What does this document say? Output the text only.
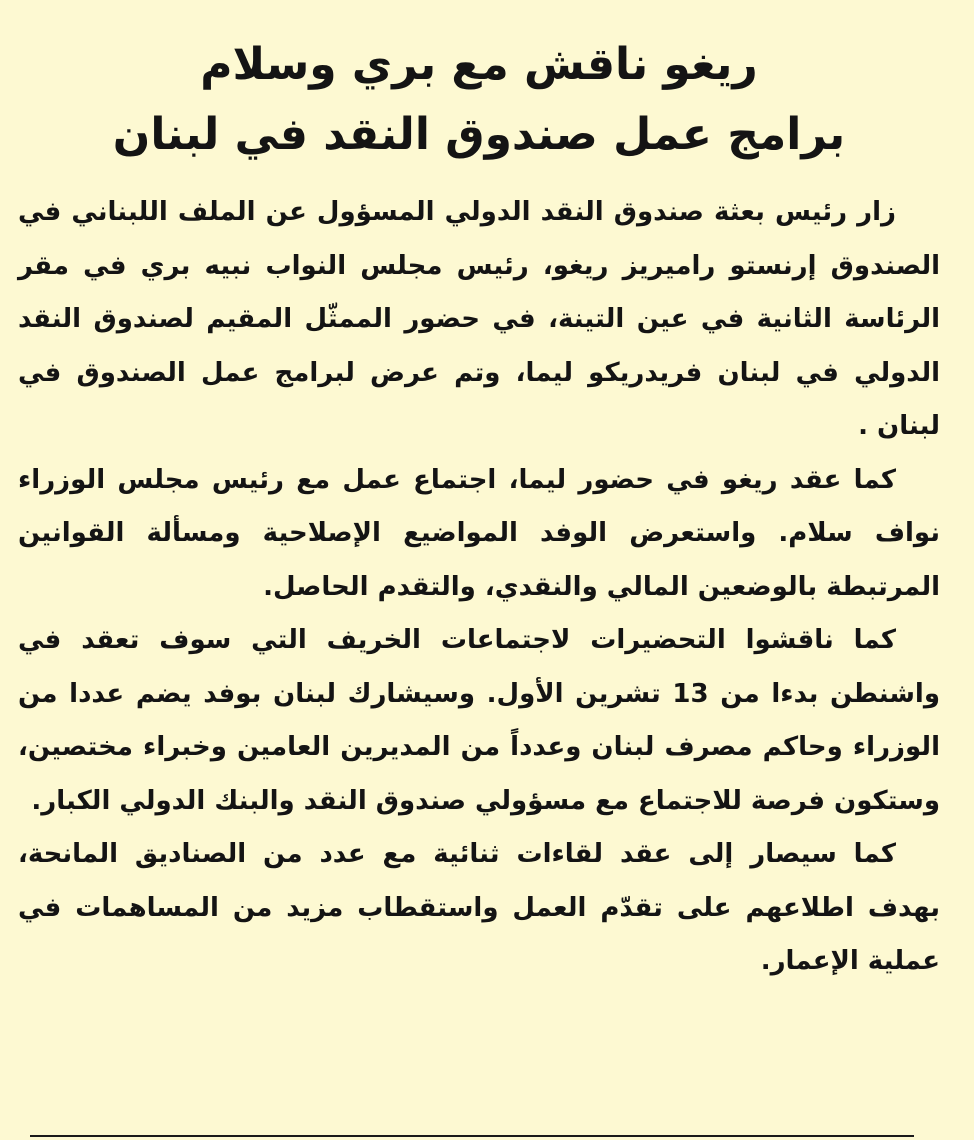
ريغو ناقش مع بري وسلام
برامج عمل صندوق النقد في لبنان

زار رئيس بعثة صندوق النقد الدولي المسؤول عن الملف اللبناني في الصندوق إرنستو راميريز ريغو، رئيس مجلس النواب نبيه بري في مقر الرئاسة الثانية في عين التينة، في حضور الممثّل المقيم لصندوق النقد الدولي في لبنان فريدريكو ليما، وتم عرض لبرامج عمل الصندوق في لبنان .

كما عقد ريغو في حضور ليما، اجتماع عمل مع رئيس مجلس الوزراء نواف سلام. واستعرض الوفد المواضيع الإصلاحية ومسألة القوانين المرتبطة بالوضعين المالي والنقدي، والتقدم الحاصل.

كما ناقشوا التحضيرات لاجتماعات الخريف التي سوف تعقد في واشنطن بدءا من 13 تشرين الأول. وسيشارك لبنان بوفد يضم عددا من الوزراء وحاكم مصرف لبنان وعدداً من المديرين العامين وخبراء مختصين، وستكون فرصة للاجتماع مع مسؤولي صندوق النقد والبنك الدولي الكبار.

كما سيصار إلى عقد لقاءات ثنائية مع عدد من الصناديق المانحة، بهدف اطلاعهم على تقدّم العمل واستقطاب مزيد من المساهمات في عملية الإعمار.
